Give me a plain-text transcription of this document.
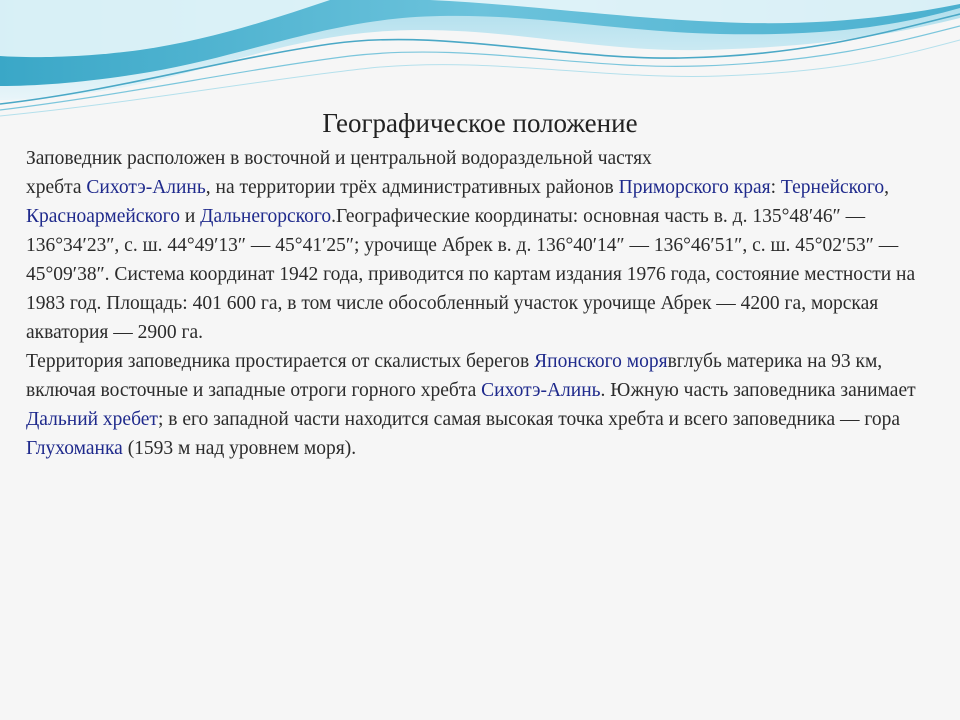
Географическое положение

Заповедник расположен в восточной и центральной водораздельной частях
хребта Сихотэ-Алинь, на территории трёх административных районов Приморского края: Тернейского, Красноармейского и Дальнегорского.Географические координаты: основная часть в. д. 135°48′46″ — 136°34′23″, с. ш. 44°49′13″ — 45°41′25″; урочище Абрек в. д. 136°40′14″ — 136°46′51″, с. ш. 45°02′53″ — 45°09′38″. Система координат 1942 года, приводится по картам издания 1976 года, состояние местности на 1983 год. Площадь: 401 600 га, в том числе обособленный участок урочище Абрек — 4200 га, морская акватория — 2900 га.

Территория заповедника простирается от скалистых берегов Японского морявглубь материка на 93 км, включая восточные и западные отроги горного хребта Сихотэ-Алинь. Южную часть заповедника занимает Дальний хребет; в его западной части находится самая высокая точка хребта и всего заповедника — гора Глухоманка (1593 м над уровнем моря).
